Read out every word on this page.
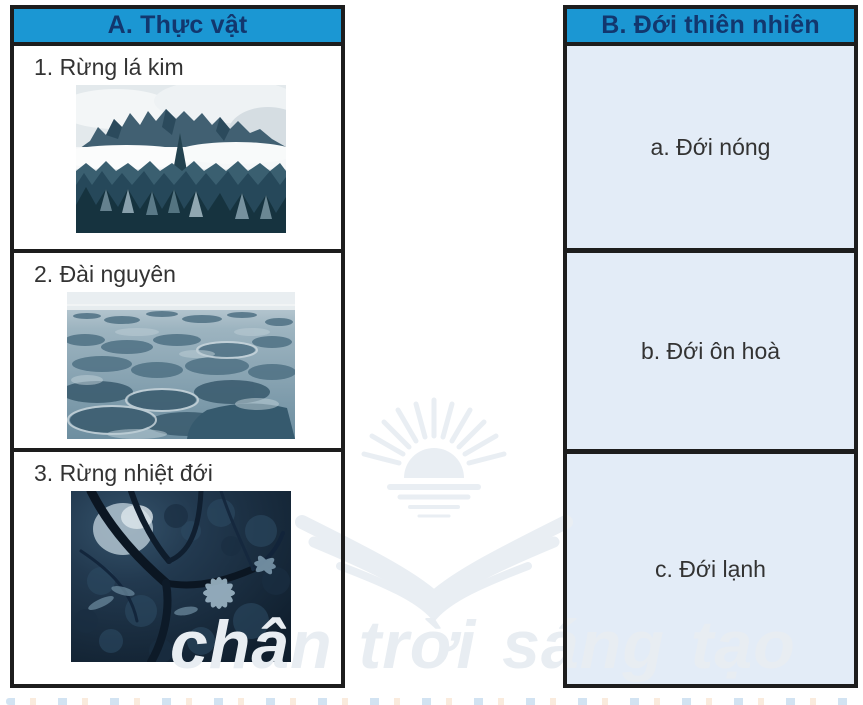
A. Thực vật
1. Rừng lá kim
2. Đài nguyên
3. Rừng nhiệt đới
B. Đới thiên nhiên
a. Đới nóng
b. Đới ôn hoà
c. Đới lạnh
chân trời sáng tạo
